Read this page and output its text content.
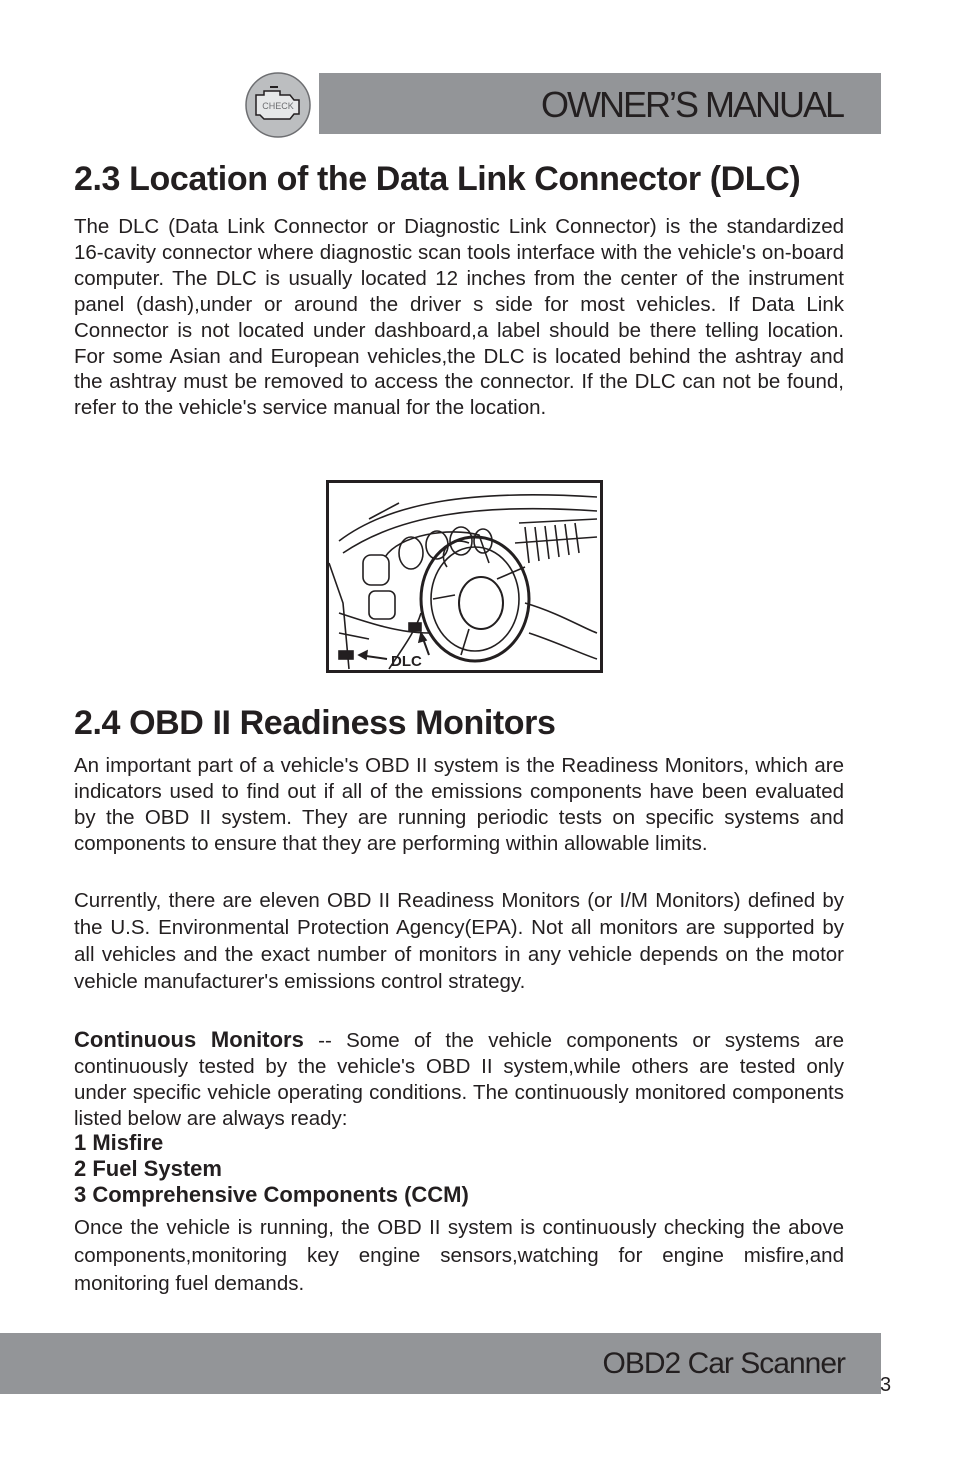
CHECK	OWNER’S MANUAL
2.3 Location of the Data Link Connector (DLC)

The DLC (Data Link Connector or Diagnostic Link Connector) is the standardized 16-cavity connector where diagnostic scan tools interface with the vehicle's on-board computer. The DLC is usually located 12 inches from the center of the instrument panel (dash),under or around the driver s side for most vehicles. If Data Link Connector is not located under dashboard,a label should be there telling location. For some Asian and European vehicles,the DLC is located behind the ashtray and the ashtray must be removed to access the connector. If the DLC can not be found, refer to the vehicle's service manual for the location.

DLC
2.4 OBD II Readiness Monitors

An important part of a vehicle's OBD II system is the Readiness Monitors, which are indicators used to find out if all of the emissions components have been evaluated by the OBD II system. They are running periodic tests on specific systems and components to ensure that they are performing within allowable limits.

Currently, there are eleven OBD II Readiness Monitors (or I/M Monitors) defined by the U.S. Environmental Protection Agency(EPA). Not all monitors are supported by all vehicles and the exact number of monitors in any vehicle depends on the motor vehicle manufacturer's emissions control strategy.

Continuous Monitors -- Some of the vehicle components or systems are continuously tested by the vehicle's OBD II system,while others are tested only under specific vehicle operating conditions. The continuously monitored components listed below are always ready:

1 Misfire
2 Fuel System
3 Comprehensive Components (CCM)

Once the vehicle is running, the OBD II system is continuously checking the above components,monitoring key engine sensors,watching for engine misfire,and monitoring fuel demands.

OBD2 Car Scanner
3
